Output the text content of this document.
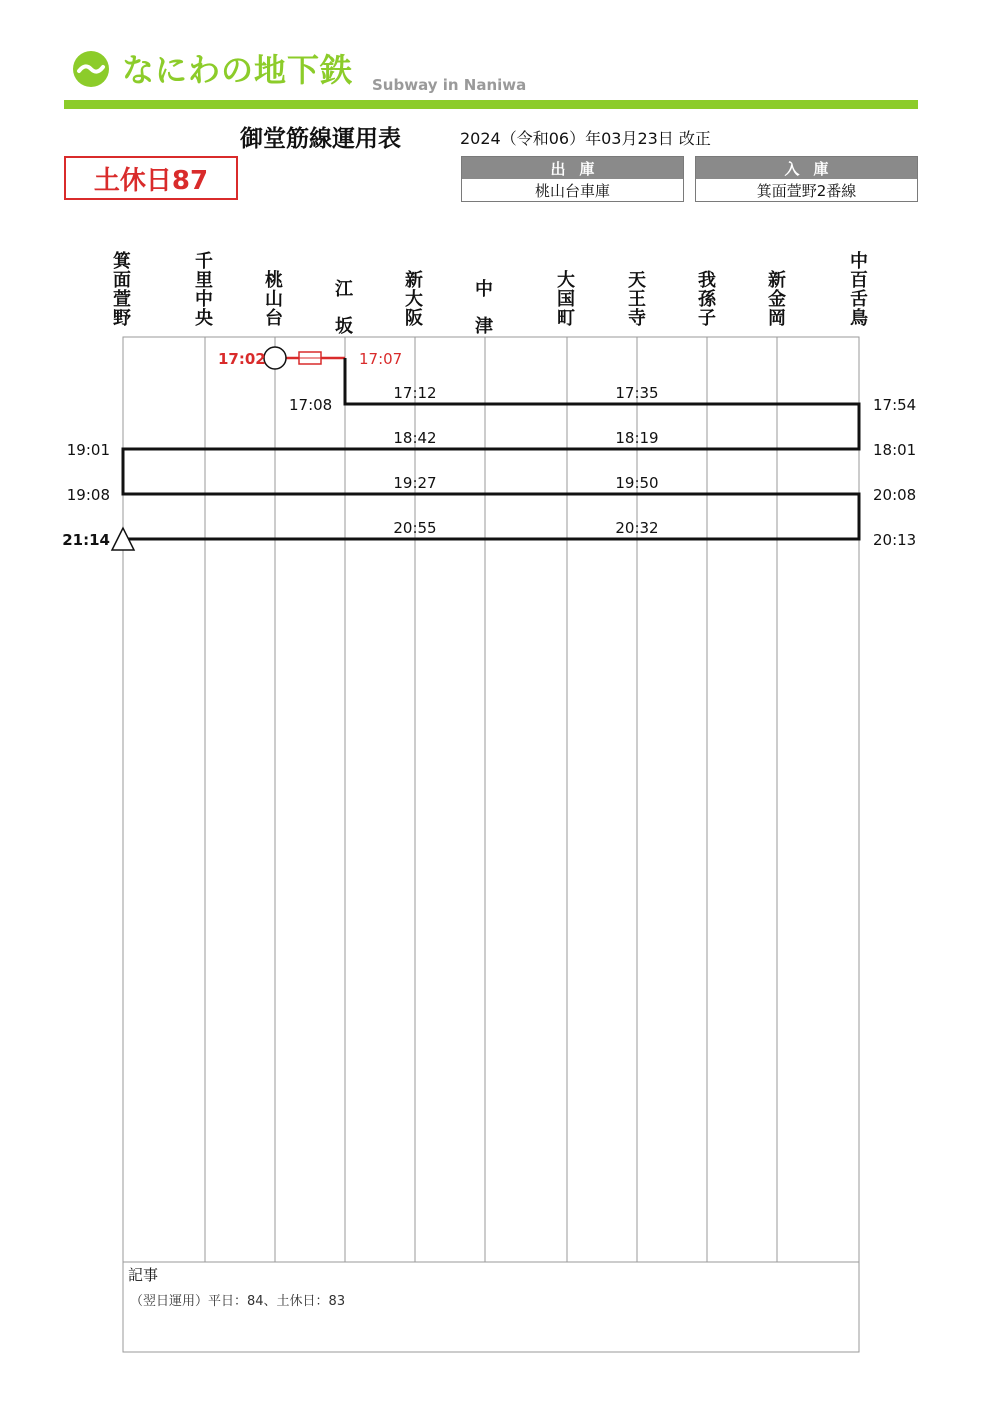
なにわの地下鉄 Subway in Naniwa
御堂筋線運用表	2024（令和06）年03月23日 改正
土休日87	出庫
桃山台車庫
入庫
箕面萱野2番線
箕面萱野
千里中央
桃山台
江坂
新大阪
中津
大国町
天王寺
我孫子
新金岡
中百舌鳥
17:02	17:07
17:08
17:12	17:35
17:54
18:42	18:19
18:01
19:01
19:08
19:27	19:50
20:08
20:13
20:32
20:55
21:14
記事
（翌日運用）平日：84、土休日：83
